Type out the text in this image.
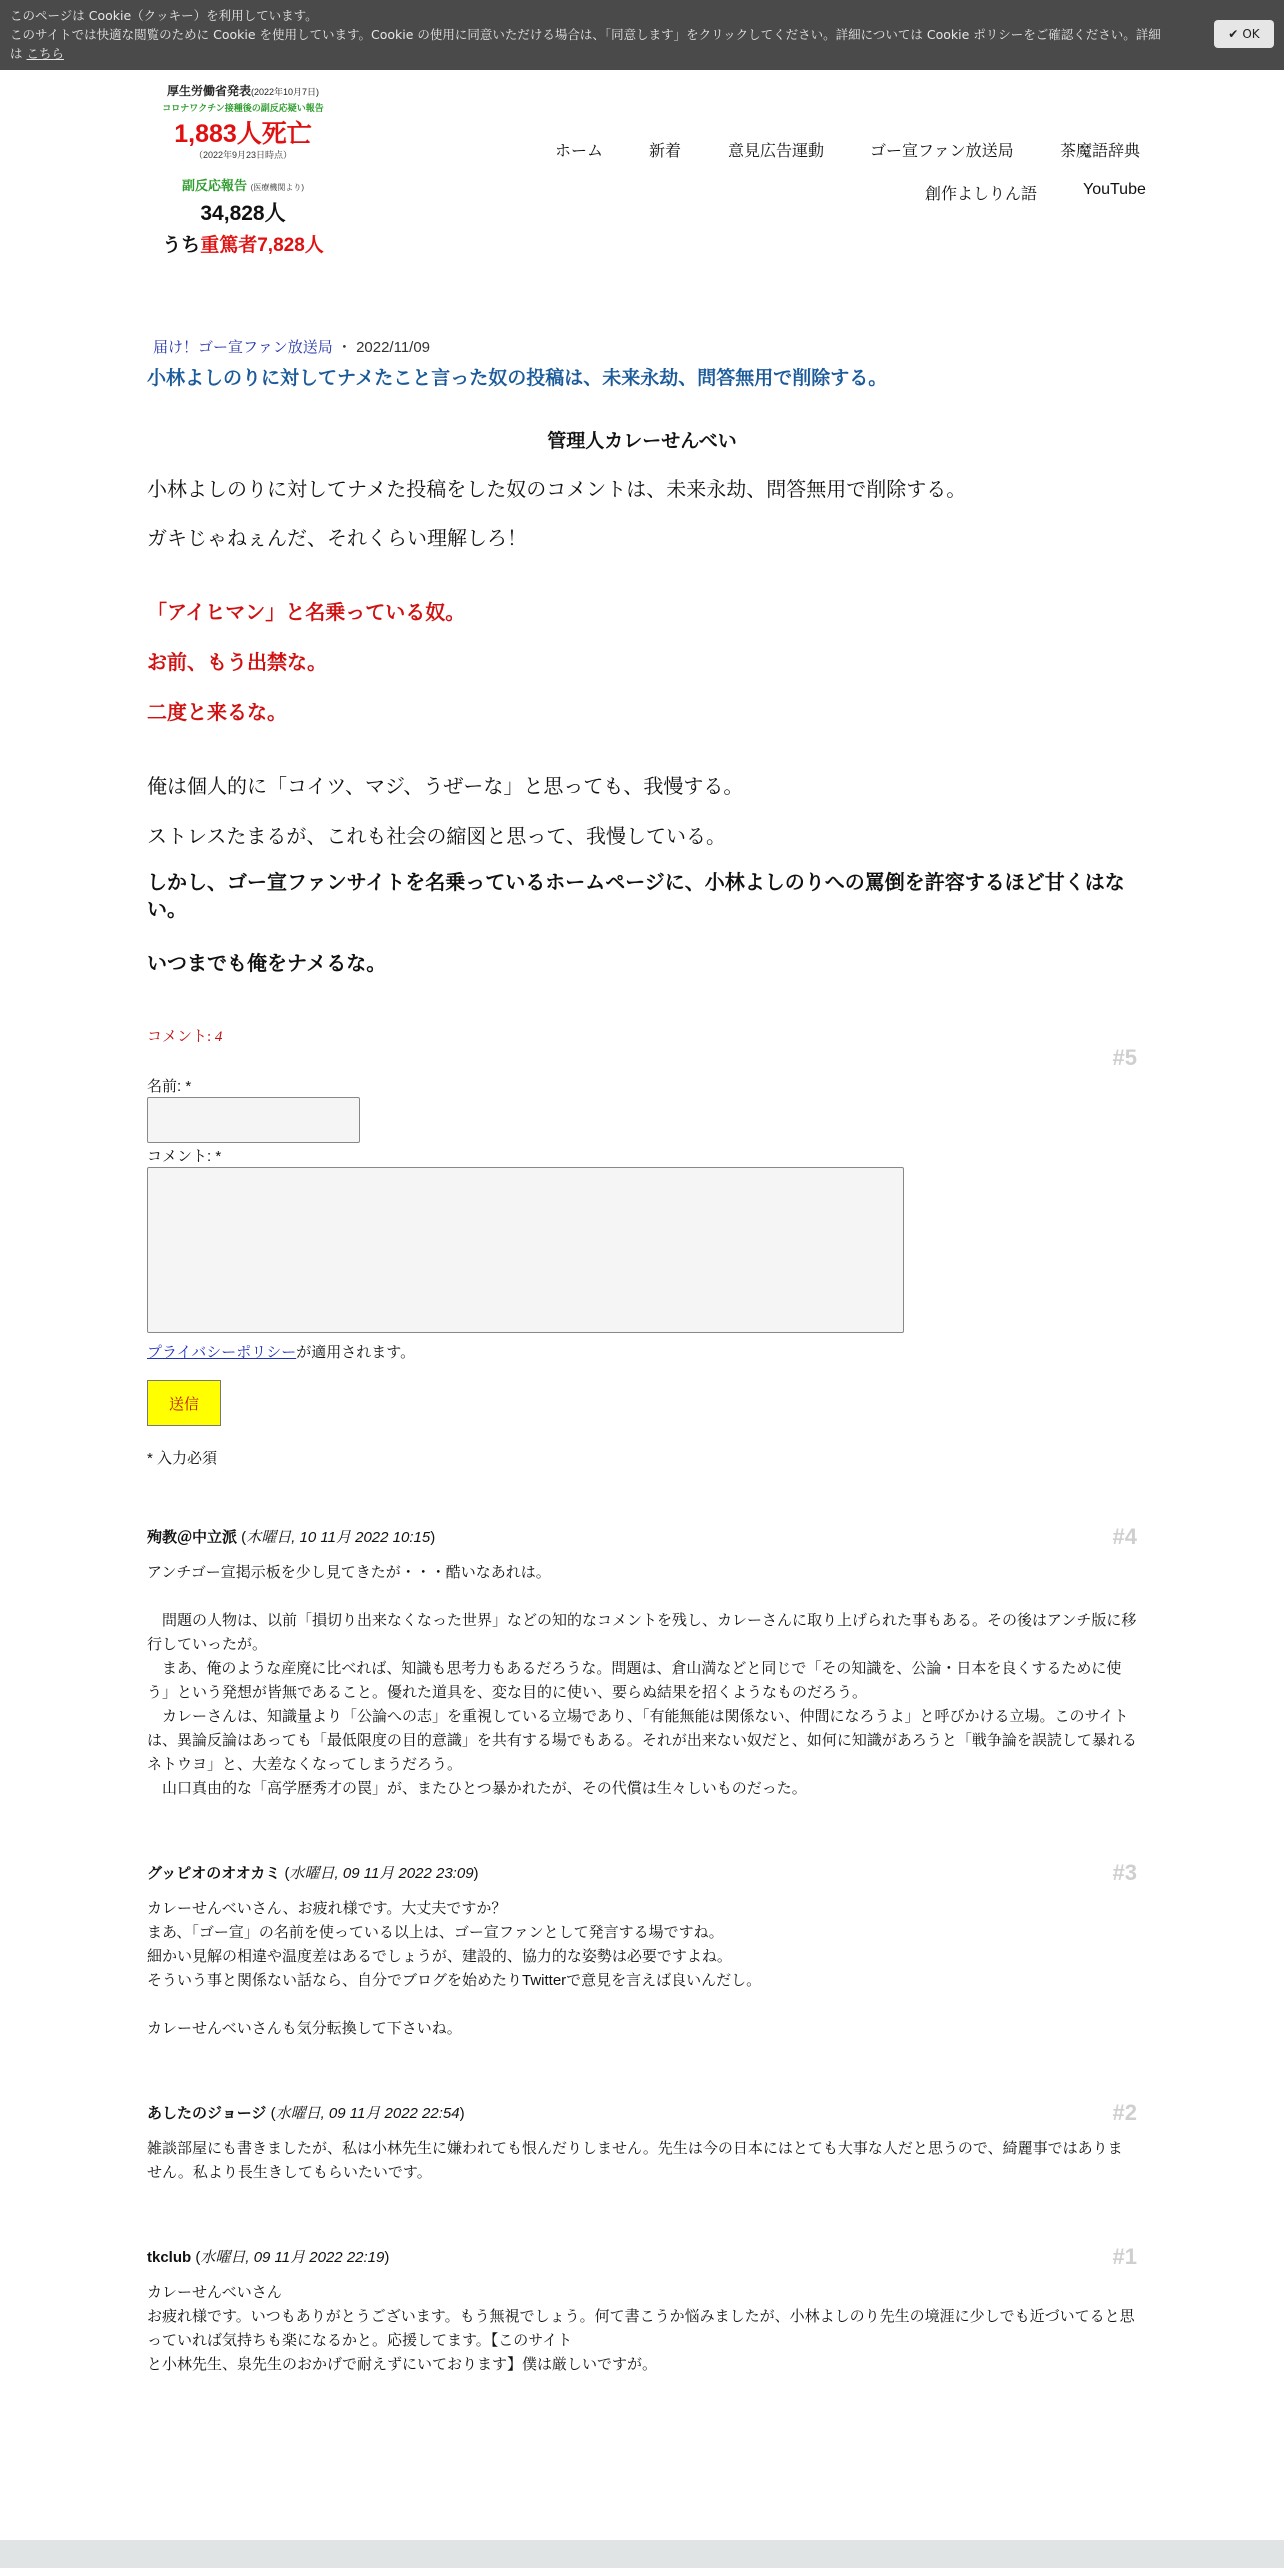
このページは Cookie（クッキー）を利用しています。
このサイトでは快適な閲覧のために Cookie を使用しています。Cookie の使用に同意いただける場合は、「同意します」をクリックしてください。詳細については Cookie ポリシーをご確認ください。詳細は こちら
✔ OK
厚生労働省発表(2022年10月7日)
コロナワクチン接種後の副反応疑い報告
1,883人死亡
（2022年9月23日時点）
副反応報告 (医療機関より)
34,828人
うち重篤者7,828人
ホーム	新着	意見広告運動	ゴー宣ファン放送局	茶魔語辞典
創作よしりん語	YouTube
届け！ゴー宣ファン放送局 ・ 2022/11/09
小林よしのりに対してナメたこと言った奴の投稿は、未来永劫、問答無用で削除する。
管理人カレーせんべい

小林よしのりに対してナメた投稿をした奴のコメントは、未来永劫、問答無用で削除する。

ガキじゃねぇんだ、それくらい理解しろ！

「アイヒマン」と名乗っている奴。

お前、もう出禁な。

二度と来るな。

俺は個人的に「コイツ、マジ、うぜーな」と思っても、我慢する。

ストレスたまるが、これも社会の縮図と思って、我慢している。

しかし、ゴー宣ファンサイトを名乗っているホームページに、小林よしのりへの罵倒を許容するほど甘くはない。

いつまでも俺をナメるな。

コメント: 4
#5
名前: *
コメント: *
プライバシーポリシーが適用されます。
送信
* 入力必須
#4
殉教＠中立派 (木曜日, 10 11月 2022 10:15)
アンチゴー宣掲示板を少し見てきたが・・・酷いなあれは。

　問題の人物は、以前「損切り出来なくなった世界」などの知的なコメントを残し、カレーさんに取り上げられた事もある。その後はアンチ版に移行していったが。
　まあ、俺のような産廃に比べれば、知識も思考力もあるだろうな。問題は、倉山満などと同じで「その知識を、公論・日本を良くするために使う」という発想が皆無であること。優れた道具を、変な目的に使い、要らぬ結果を招くようなものだろう。
　カレーさんは、知識量より「公論への志」を重視している立場であり、「有能無能は関係ない、仲間になろうよ」と呼びかける立場。このサイトは、異論反論はあっても「最低限度の目的意識」を共有する場でもある。それが出来ない奴だと、如何に知識があろうと「戦争論を誤読して暴れるネトウヨ」と、大差なくなってしまうだろう。
　山口真由的な「高学歴秀才の罠」が、またひとつ暴かれたが、その代償は生々しいものだった。
#3
グッピオのオオカミ (水曜日, 09 11月 2022 23:09)
カレーせんべいさん、お疲れ様です。大丈夫ですか？
まあ、「ゴー宣」の名前を使っている以上は、ゴー宣ファンとして発言する場ですね。
細かい見解の相違や温度差はあるでしょうが、建設的、協力的な姿勢は必要ですよね。
そういう事と関係ない話なら、自分でブログを始めたりTwitterで意見を言えば良いんだし。

カレーせんべいさんも気分転換して下さいね。
#2
あしたのジョージ (水曜日, 09 11月 2022 22:54)
雑談部屋にも書きましたが、私は小林先生に嫌われても恨んだりしません。先生は今の日本にはとても大事な人だと思うので、綺麗事ではありません。私より長生きしてもらいたいです。
#1
tkclub (水曜日, 09 11月 2022 22:19)
カレーせんべいさん
お疲れ様です。いつもありがとうございます。もう無視でしょう。何て書こうか悩みましたが、小林よしのり先生の境涯に少しでも近づいてると思っていれば気持ちも楽になるかと。応援してます。【このサイト
と小林先生、泉先生のおかげで耐えずにいております】僕は厳しいですが。
